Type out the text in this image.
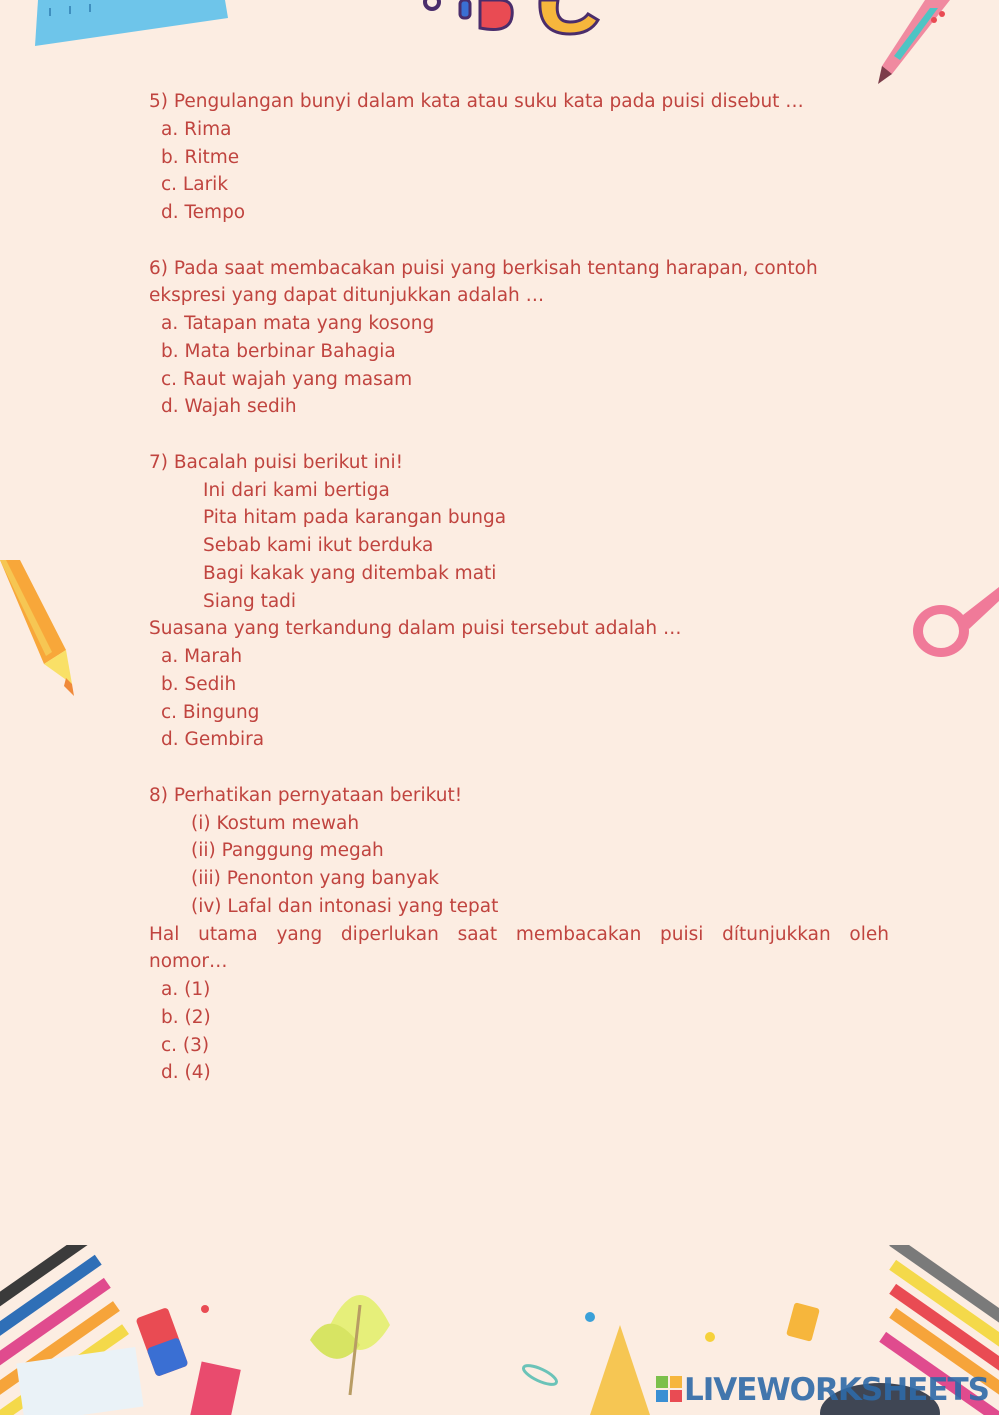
5) Pengulangan bunyi dalam kata atau suku kata pada puisi disebut …
a. Rima
b. Ritme
c. Larik
d. Tempo
6) Pada saat membacakan puisi yang berkisah tentang harapan, contoh
ekspresi yang dapat ditunjukkan adalah …
a. Tatapan mata yang kosong
b. Mata berbinar Bahagia
c. Raut wajah yang masam
d. Wajah sedih
7) Bacalah puisi berikut ini!
Ini dari kami bertiga
Pita hitam pada karangan bunga
Sebab kami ikut berduka
Bagi kakak yang ditembak mati
Siang tadi
Suasana yang terkandung dalam puisi tersebut adalah …
a. Marah
b. Sedih
c. Bingung
d. Gembira
8) Perhatikan pernyataan berikut!
(i) Kostum mewah
(ii) Panggung megah
(iii) Penonton yang banyak
(iv) Lafal dan intonasi yang tepat
Hal utama yang diperlukan saat membacakan puisi dítunjukkan oleh
nomor…
a. (1)
b. (2)
c. (3)
d. (4)
LIVEWORKSHEETS
